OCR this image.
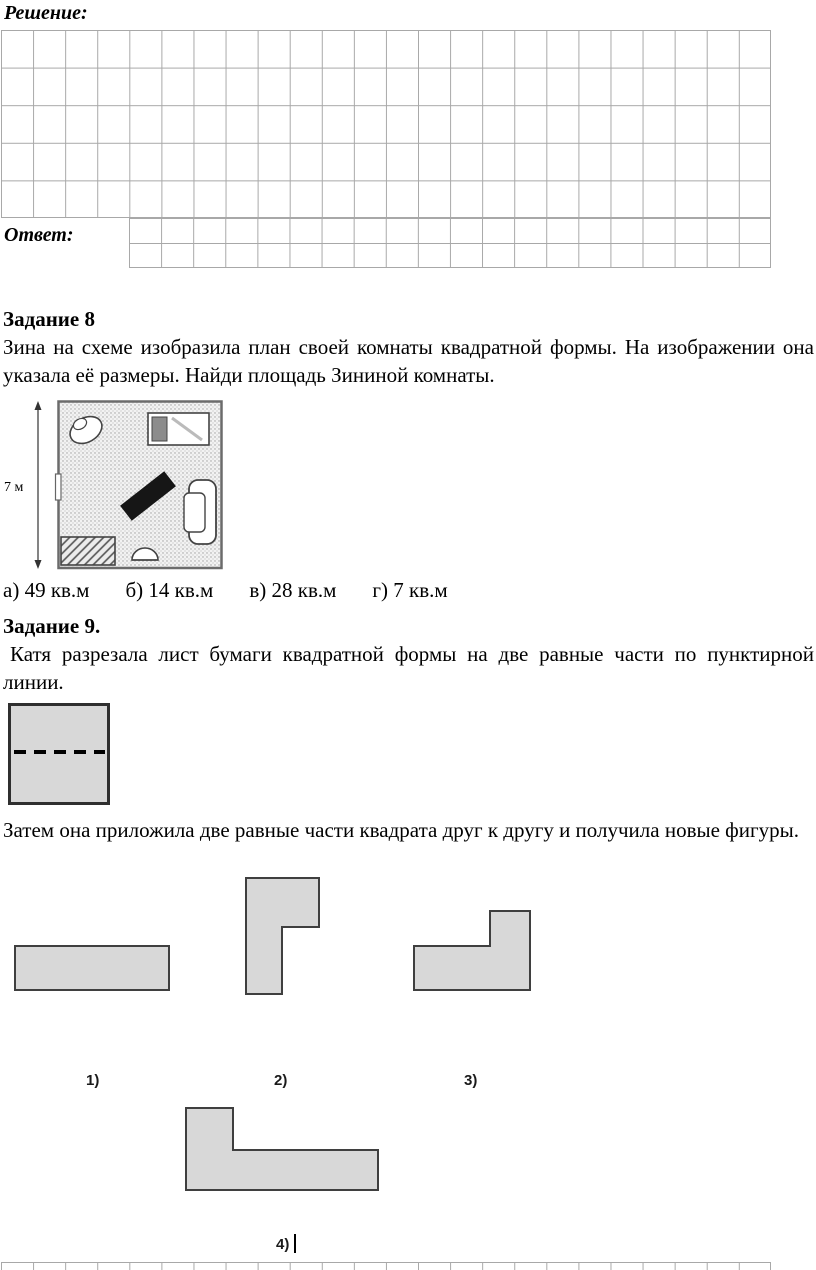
Решение:
Ответ:
Задание 8
Зина на схеме изобразила план своей комнаты квадратной формы. На изображении она указала её размеры. Найди площадь Зининой комнаты.
7 м
а) 49 кв.м б) 14 кв.м в) 28 кв.м г) 7 кв.м
Задание 9.
Катя разрезала лист бумаги квадратной формы на две равные части по пунктирной линии.
Затем она приложила две равные части квадрата друг к другу и получила новые фигуры.
1)	2)	3)
4)
